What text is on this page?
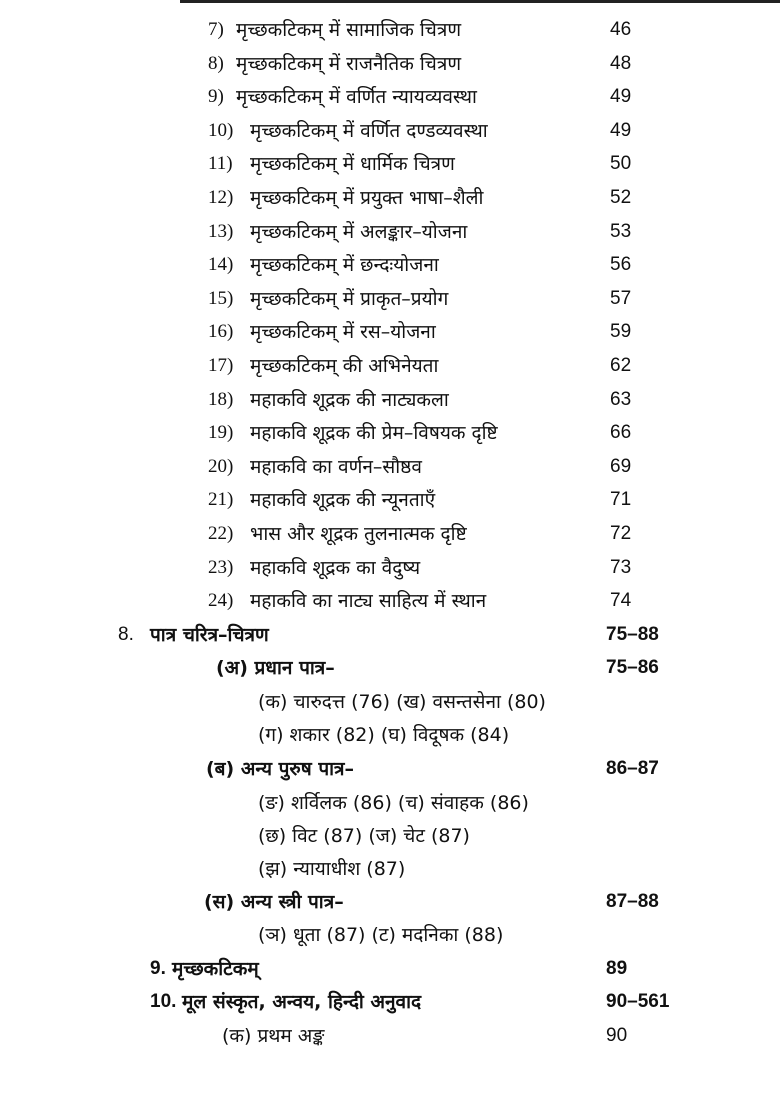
7) मृच्छकटिकम् में सामाजिक चित्रण	46
8) मृच्छकटिकम् में राजनैतिक चित्रण	48
9) मृच्छकटिकम् में वर्णित न्यायव्यवस्था	49
10) मृच्छकटिकम् में वर्णित दण्डव्यवस्था	49
11) मृच्छकटिकम् में धार्मिक चित्रण	50
12) मृच्छकटिकम् में प्रयुक्त भाषा–शैली	52
13) मृच्छकटिकम् में अलङ्कार–योजना	53
14) मृच्छकटिकम् में छन्दःयोजना	56
15) मृच्छकटिकम् में प्राकृत–प्रयोग	57
16) मृच्छकटिकम् में रस–योजना	59
17) मृच्छकटिकम् की अभिनेयता	62
18) महाकवि शूद्रक की नाट्यकला	63
19) महाकवि शूद्रक की प्रेम–विषयक दृष्टि	66
20) महाकवि का वर्णन–सौष्ठव	69
21) महाकवि शूद्रक की न्यूनताएँ	71
22) भास और शूद्रक तुलनात्मक दृष्टि	72
23) महाकवि शूद्रक का वैदुष्य	73
24) महाकवि का नाट्य साहित्य में स्थान	74
8. पात्र चरित्र–चित्रण	75–88
(अ) प्रधान पात्र–	75–86
(क) चारुदत्त (76) (ख) वसन्तसेना (80)
(ग) शकार (82) (घ) विदूषक (84)
(ब) अन्य पुरुष पात्र–	86–87
(ङ) शर्विलक (86) (च) संवाहक (86)
(छ) विट (87) (ज) चेट (87)
(झ) न्यायाधीश (87)
(स) अन्य स्त्री पात्र–	87–88
(ञ) धूता (87) (ट) मदनिका (88)
9. मृच्छकटिकम्	89
10. मूल संस्कृत, अन्वय, हिन्दी अनुवाद	90–561
(क) प्रथम अङ्क	90
